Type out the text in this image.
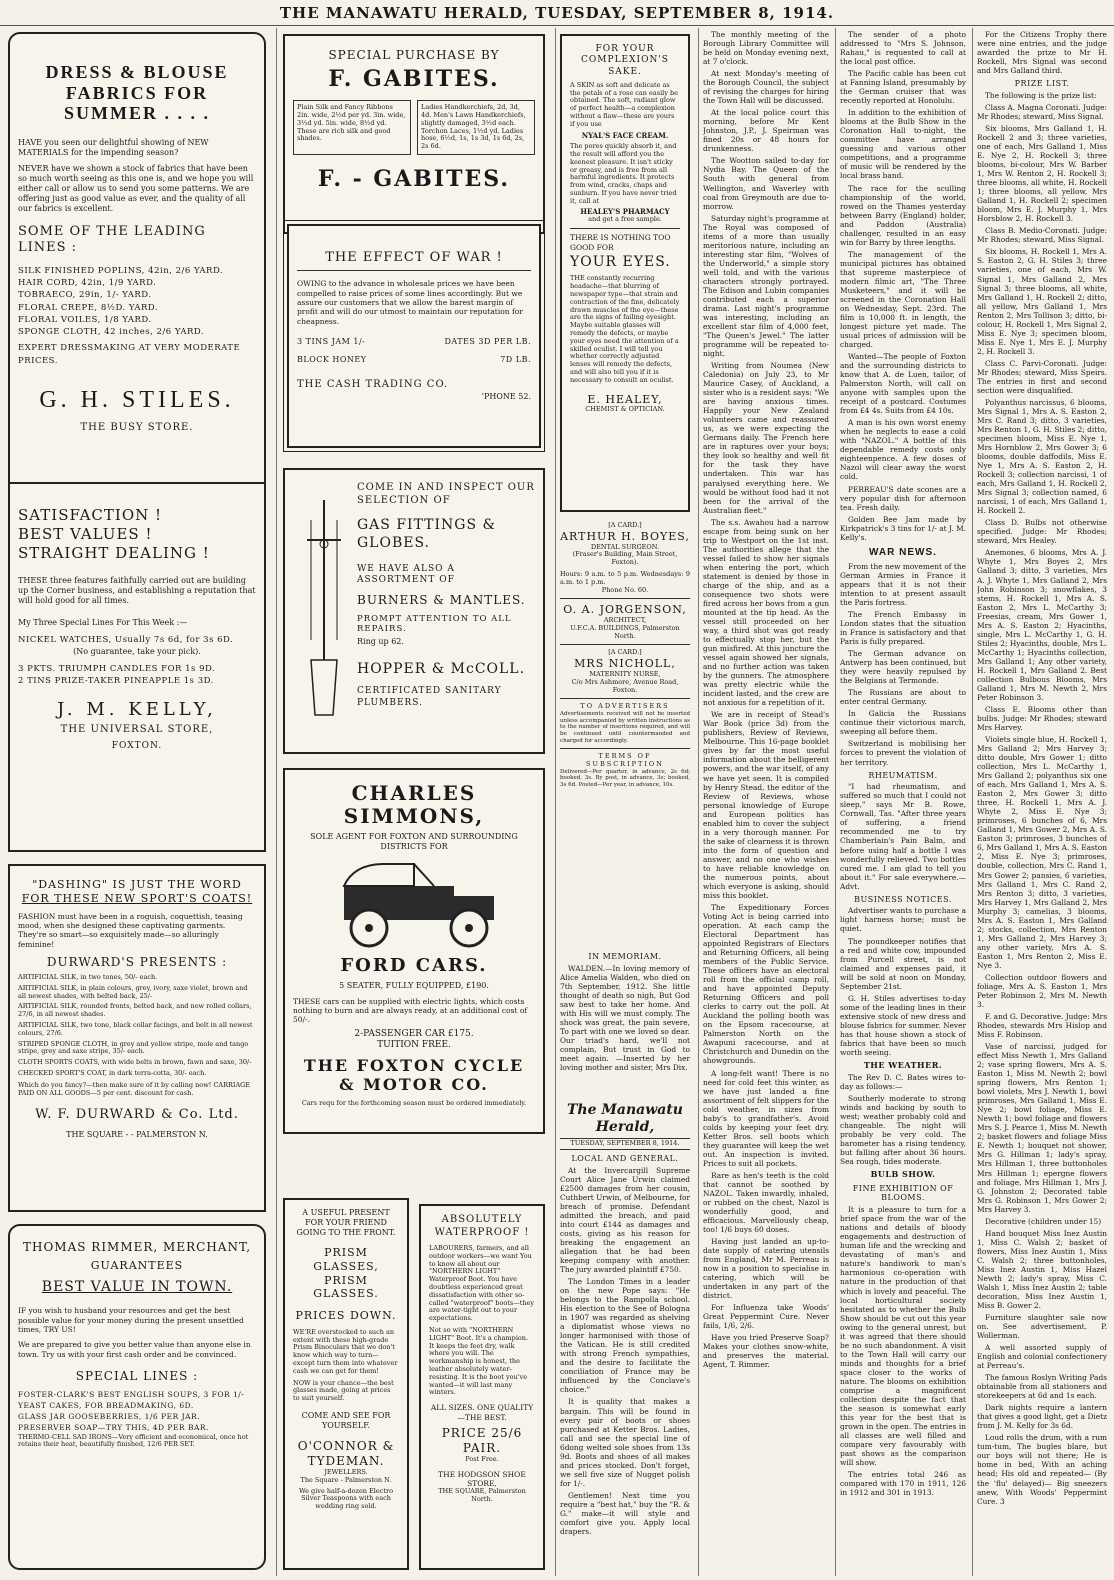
THE MANAWATU HERALD, TUESDAY, SEPTEMBER 8, 1914.
DRESS & BLOUSE FABRICS FOR SUMMER . . . .
HAVE you seen our delightful showing of NEW MATERIALS for the impending season?
NEVER have we shown a stock of fabrics that have been so much worth seeing as this one is, and we hope you will either call or allow us to send you some patterns. We are offering just as good value as ever, and the quality of all our fabrics is excellent.
SOME OF THE LEADING LINES :
SILK FINISHED POPLINS, 42in, 2/6 YARD.
HAIR CORD, 42in, 1/9 YARD.
TOBRAECO, 29in, 1/- YARD.
FLORAL CREPE, 8½D. YARD.
FLORAL VOILES, 1/8 YARD.
SPONGE CLOTH, 42 inches, 2/6 YARD.
EXPERT DRESSMAKING AT VERY MODERATE PRICES.
G. H. STILES.
THE BUSY STORE.
SATISFACTION !
BEST VALUES !
STRAIGHT DEALING !
THESE three features faithfully carried out are building up the Corner business, and establishing a reputation that will hold good for all times.
My Three Special Lines For This Week :—
NICKEL WATCHES, Usually 7s 6d, for 3s 6D.
(No guarantee, take your pick).
3 PKTS. TRIUMPH CANDLES FOR 1s 9D.
2 TINS PRIZE-TAKER PINEAPPLE 1s 3D.
J. M. KELLY,
THE UNIVERSAL STORE,
FOXTON.
"DASHING" IS JUST THE WORD
FOR THESE NEW SPORT'S COATS!
FASHION must have been in a roguish, coquettish, teasing mood, when she designed these captivating garments. They're so smart—so exquisitely made—so alluringly feminine!
DURWARD'S PRESENTS :
ARTIFICIAL SILK, in two tones, 50/- each.
ARTIFICIAL SILK, in plain colours, grey, ivory, saxe violet, brown and all newest shades, with belted back, 25/-
ARTIFICIAL SILK, rounded fronts, belted back, and new rolled collars, 27/6, in all newest shades.
ARTIFICIAL SILK, two tone, black collar facings, and belt in all newest colours, 27/6.
STRIPED SPONGE CLOTH, in grey and yellow stripe, mole and tango stripe, grey and saxe stripe, 35/- each.
CLOTH SPORTS COATS, with wide belts in brown, fawn and saxe, 30/-
CHECKED SPORT'S COAT, in dark terra-cotta, 30/- each.
Which do you fancy?—then make sure of it by calling now! CARRIAGE PAID ON ALL GOODS—5 per cent. discount for cash.
W. F. DURWARD & Co. Ltd.
THE SQUARE - - PALMERSTON N.
THOMAS RIMMER, MERCHANT,
GUARANTEES
BEST VALUE IN TOWN.
IF you wish to husband your resources and get the best possible value for your money during the present unsettled times, TRY US!
We are prepared to give you better value than anyone else in town. Try us with your first cash order and be convinced.
SPECIAL LINES :
FOSTER-CLARK'S BEST ENGLISH SOUPS, 3 FOR 1/-
YEAST CAKES, FOR BREADMAKING, 6D.
GLASS JAR GOOSEBERRIES, 1/6 PER JAR.
PRESERVER SOAP—TRY THIS, 4D PER BAR.
THERMO-CELL SAD IRONS—Very efficient and economical, once hot retains their heat, beautifully finished, 12/6 PER SET.
SPECIAL PURCHASE BY
F. GABITES.
Plain Silk and Fancy Ribbons 2in. wide, 2½d per yd. 3in. wide, 3½d yd. 5in. wide, 8½d yd. These are rich silk and good shades.
Ladies Handkerchiefs, 2d, 3d, 4d. Men's Lawn Handkerchiefs, slightly damaged, 3½d each. Torchon Laces, 1½d yd. Ladies hose, 6½d, 1s, 1s 3d, 1s 6d, 2s, 2s 6d.
F. - GABITES.
THE EFFECT OF WAR !
OWING to the advance in wholesale prices we have been compelled to raise prices of some lines accordingly. But we assure our customers that we allow the barest margin of profit and will do our utmost to maintain our reputation for cheapness.
3 TINS JAM 1/-	DATES 3D PER LB.
BLOCK HONEY	7D LB.
THE CASH TRADING CO.
'PHONE 52.
COME IN AND INSPECT OUR SELECTION OF
GAS FITTINGS & GLOBES.
WE HAVE ALSO A ASSORTMENT OF
BURNERS & MANTLES.
PROMPT ATTENTION TO ALL REPAIRS.
Ring up 62.
HOPPER & McCOLL.
CERTIFICATED SANITARY PLUMBERS.
CHARLES SIMMONS,
SOLE AGENT FOR FOXTON AND SURROUNDING DISTRICTS FOR
FORD CARS.
5 SEATER, FULLY EQUIPPED, £190.
THESE cars can be supplied with electric lights, which costs nothing to burn and are always ready, at an additional cost of 50/-.
2-PASSENGER CAR £175.
TUITION FREE.
THE FOXTON CYCLE & MOTOR CO.
Cars requ for the forthcoming season must be ordered immediately.
A USEFUL PRESENT FOR YOUR FRIEND GOING TO THE FRONT.
PRISM GLASSES, PRISM GLASSES.
PRICES DOWN.
WE'RE overstocked to such an extent with these high-grade Prism Binoculars that we don't know which way to turn—except turn them into whatever cash we can get for them!
NOW is your chance—the best glasses made, going at prices to suit yourself.
COME AND SEE FOR YOURSELF.
O'CONNOR & TYDEMAN.
JEWELLERS.
The Square - Palmerston N.
We give half-a-dozen Electro Silver Teaspoons with each wedding ring sold.
ABSOLUTELY WATERPROOF !
LABOURERS, farmers, and all outdoor workers—we want You to know all about our "NORTHERN LIGHT" Waterproof Boot. You have doubtless experienced great dissatisfaction with other so-called "waterproof" boots—they are water-tight out to your expectations.
Not so with "NORTHERN LIGHT" Boot. It's a champion. It keeps the feet dry, walk where you will. The workmanship is honest, the leather absolutely water-resisting. It is the boot you've wanted—it will last many winters.
ALL SIZES. ONE QUALITY—THE BEST.
PRICE 25/6 PAIR.
Post Free.
THE HODGSON SHOE STORE,
THE SQUARE, Palmerston North.
FOR YOUR COMPLEXION'S SAKE.
A SKIN as soft and delicate as the petals of a rose can easily be obtained. The soft, radiant glow of perfect health—a complexion without a flaw—these are yours if you use
NYAL'S FACE CREAM.
The pores quickly absorb it, and the result will afford you the keenest pleasure. It isn't sticky or greasy, and is free from all harmful ingredients. It protects from wind, cracks, chaps and sunburn. If you have never tried it, call at
HEALEY'S PHARMACY
and get a free sample.
THERE IS NOTHING TOO GOOD FOR
YOUR EYES.
THE constantly recurring headache—that blurring of newspaper type—that strain and contraction of the fine, delicately drawn muscles of the eye—these are the signs of failing eyesight. Maybe suitable glasses will remedy the defects, or maybe your eyes need the attention of a skilled oculist. I will tell you whether correctly adjusted lenses will remedy the defects, and will also tell you if it is necessary to consult an oculist.
E. HEALEY,
CHEMIST & OPTICIAN.
[A CARD.]
ARTHUR H. BOYES,
DENTAL SURGEON.
(Fraser's Building, Main Street, Foxton).
Hours: 9 a.m. to 5 p.m. Wednesdays: 9 a.m. to 1 p.m.
Phone No. 60.
O. A. JORGENSON,
ARCHITECT,
U.F.C.A. BUILDINGS, Palmerston North.
[A CARD.]
MRS NICHOLL,
MATERNITY NURSE,
C/o Mrs Ashmore, Avenue Road, Foxton.
TO ADVERTISERS
Advertisements received will not be inserted unless accompanied by written instructions as to the number of insertions required, and will be continued until countermanded and charged for accordingly.
TERMS OF SUBSCRIPTION
Delivered—Per quarter, in advance, 2s 6d; booked, 3s. By post, in advance, 3s; booked, 3s 6d. Posted—Per year, in advance, 10s.
IN MEMORIAM.

WALDEN.—In loving memory of Alice Amelia Walden, who died on 7th September, 1912. She little thought of death so nigh, But God saw best to take her home. And with His will we must comply. The shock was great, the pain severe, To part with one we loved so dear. Our triad's hard, we'll not complain, But trust in God to meet again. —Inserted by her loving mother and sister, Mrs Dix.

The Manawatu Herald,
TUESDAY, SEPTEMBER 8, 1914.
LOCAL AND GENERAL.

At the Invercargill Supreme Court Alice Jane Urwin claimed £2500 damages from her cousin, Cuthbert Urwin, of Melbourne, for breach of promise. Defendant admitted the breach, and paid into court £144 as damages and costs, giving as his reason for breaking the engagement an allegation that he had been keeping company with another. The jury awarded plaintiff £750.

The London Times in a leader on the new Pope says: "He belongs to the Rampolla school. His election to the See of Bologna in 1907 was regarded as shelving a diplomatist whose views no longer harmonised with those of the Vatican. He is still credited with strong French sympathies, and the desire to facilitate the conciliation of France may be influenced by the Conclave's choice."

It is quality that makes a bargain. This will be found in every pair of boots or shoes purchased at Ketter Bros. Ladies, call and see the special line of 6dong welted sole shoes from 13s 9d. Boots and shoes of all makes and prices stocked. Don't forget, we sell five size of Nugget polish for 1/-.

Gentlemen! Next time you require a "best hat," buy the "R. & G." make—it will style and comfort give you. Apply local drapers.

The monthly meeting of the Borough Library Committee will be held on Monday evening next, at 7 o'clock.

At next Monday's meeting of the Borough Council, the subject of revising the charges for hiring the Town Hall will be discussed.

At the local police court this morning, before Mr Kent Johnston, J.P., J. Speirman was fined 20s or 48 hours for drunkenness.

The Wootton sailed to-day for Nydia Bay. The Queen of the South with general from Wellington, and Waverley with coal from Greymouth are due to-morrow.

Saturday night's programme at The Royal was composed of items of a more than usually meritorious nature, including an interesting star film, "Wolves of the Underworld," a simple story well told, and with the various characters strongly portrayed. The Edison and Lubin companies contributed each a superior drama. Last night's programme was interesting, including an excellent star film of 4,000 feet, "The Queen's Jewel." The latter programme will be repeated to-night.

Writing from Noumea (New Caledonia) on July 23, to Mr Maurice Casey, of Auckland, a sister who is a resident says: "We are having anxious times. Happily your New Zealand volunteers came and reassured us, as we were expecting the Germans daily. The French here are in raptures over your boys; they look so healthy and well fit for the task they have undertaken. This war has paralysed everything here. We would be without food had it not been for the arrival of the Australian fleet."

The s.s. Awahou had a narrow escape from being sunk on her trip to Westport on the 1st inst. The authorities allege that the vessel failed to show her signals when entering the port, which statement is denied by those in charge of the ship, and as a consequence two shots were fired across her bows from a gun mounted at the tip head. As the vessel still proceeded on her way, a third shot was got ready to effectually stop her, but the gun misfired. At this juncture the vessel again showed her signals, and no further action was taken by the gunners. The atmosphere was pretty electric while the incident lasted, and the crew are not anxious for a repetition of it.

We are in receipt of Stead's War Book (price 3d) from the publishers, Review of Reviews, Melbourne. This 16-page booklet gives by far the most useful information about the belligerent powers, and the war itself, of any we have yet seen. It is compiled by Henry Stead, the editor of the Review of Reviews, whose personal knowledge of Europe and European politics has enabled him to cover the subject in a very thorough manner. For the sake of clearness it is thrown into the form of question and answer, and no one who wishes to have reliable knowledge on the numerous points, about which everyone is asking, should miss this booklet.

The Expeditionary Forces Voting Act is being carried into operation. At each camp the Electoral Department has appointed Registrars of Electors and Returning Officers, all being members of the Public Service. These officers have an electoral roll from the official camp roll, and have appointed Deputy Returning Officers and poll clerks to carry out the poll. At Auckland the polling booth was on the Epsom racecourse, at Palmerston North on the Awapuni racecourse, and at Christchurch and Dunedin on the showgrounds.

A long-felt want! There is no need for cold feet this winter, as we have just landed a fine assortment of felt slippers for the cold weather, in sizes from baby's to grandfather's. Avoid colds by keeping your feet dry. Ketter Bros. sell boots which they guarantee will keep the wet out. An inspection is invited. Prices to suit all pockets.

Rare as hen's teeth is the cold that cannot be soothed by NAZOL. Taken inwardly, inhaled, or rubbed on the chest, Nazol is wonderfully good, and efficacious. Marvellously cheap, too! 1/6 buys 60 doses.

Having just landed an up-to-date supply of catering utensils from England, Mr M. Perreau is now in a position to specialise in catering, which will be undertaken in any part of the district.

For Influenza take Woods' Great Peppermint Cure. Never fails, 1/6, 2/6.

Have you tried Preserve Soap? Makes your clothes snow-white, and preserves the material. Agent, T. Rimmer.

The sender of a photo addressed to "Mrs S. Johnson, Rahau," is requested to call at the local post office.

The Pacific cable has been cut at Fanning Island, presumably by the German cruiser that was recently reported at Honolulu.

In addition to the exhibition of blooms at the Bulb Show in the Coronation Hall to-night, the committee have arranged guessing and various other competitions, and a programme of music will be rendered by the local brass band.

The race for the sculling championship of the world, rowed on the Thames yesterday between Barry (England) holder, and Paddon (Australia) challenger, resulted in an easy win for Barry by three lengths.

The management of the municipal pictures has obtained that supreme masterpiece of modern filmic art, "The Three Musketeers," and it will be screened in the Coronation Hall on Wednesday, Sept. 23rd. The film is 10,000 ft. in length, the longest picture yet made. The usual prices of admission will be charged.

Wanted—The people of Foxton and the surrounding districts to know that A. de Luen, tailor, of Palmerston North, will call on anyone with samples upon the receipt of a postcard. Costumes from £4 4s. Suits from £4 10s.

A man is his own worst enemy when he neglects to ease a cold with "NAZOL." A bottle of this dependable remedy costs only eighteenpence. A few doses of Nazol will clear away the worst cold.

PERREAU'S date scones are a very popular dish for afternoon tea. Fresh daily.

Golden Bee Jam made by Kirkpatrick's 3 tins for 1/- at J. M. Kelly's.

WAR NEWS.

From the new movement of the German Armies in France it appears that it is not their intention to at present assault the Paris fortress.

The French Embassy in London states that the situation in France is satisfactory and that Paris is fully prepared.

The German advance on Antwerp has been continued, but they were heavily repulsed by the Belgians at Termonde.

The Russians are about to enter central Germany.

In Galicia the Russians continue their victorious march, sweeping all before them.

Switzerland is mobilising her forces to prevent the violation of her territory.

RHEUMATISM.

"I had rheumatism, and suffered so much that I could not sleep," says Mr B. Rowe, Cornwall, Tas. "After three years of suffering, a friend recommended me to try Chamberlain's Pain Balm, and before using half a bottle I was wonderfully relieved. Two bottles cured me. I am glad to tell you about it." For sale everywhere.—Advt.

BUSINESS NOTICES.

Advertiser wants to purchase a light harness horse; must be quiet.

The poundkeeper notifies that a red and white cow, impounded from Purcell street, is not claimed and expenses paid, it will be sold at noon on Monday, September 21st.

G. H. Stiles advertises to-day some of the leading lines in their extensive stock of new dress and blouse fabrics for summer. Never has that house shown a stock of fabrics that have been so much worth seeing.

THE WEATHER.

The Rev D. C. Bates wires to-day as follows:—

Southerly moderate to strong winds and backing by south to west; weather probably cold and changeable. The night will probably be very cold. The barometer has a rising tendency, but falling after about 36 hours. Sea rough, tides moderate.

BULB SHOW.
FINE EXHIBITION OF BLOOMS.

It is a pleasure to turn for a brief space from the war of the nations and details of bloody engagements and destruction of human life and the wrecking and devastating of man's and nature's handiwork to man's harmonious co-operation with nature in the production of that which is lovely and peaceful. The local horticultural society hesitated as to whether the Bulb Show should be cut out this year owing to the general unrest, but it was agreed that there should be no such abandonment. A visit to the Town Hall will carry our minds and thoughts for a brief space closer to the works of nature. The blooms on exhibition comprise a magnificent collection despite the fact that the season is somewhat early this year for the best that is grown in the open. The entries in all classes are well filled and compare very favourably with past shows as the comparison will show.

The entries total 246 as compared with 170 in 1911, 126 in 1912 and 301 in 1913.

For the Citizens Trophy there were nine entries, and the judge awarded the prize to Mr H. Rockell, Mrs Signal was second and Mrs Galland third.

PRIZE LIST.

The following is the prize list:

Class A. Magna Coronati. Judge: Mr Rhodes; steward, Miss Signal.

Six blooms, Mrs Galland 1, H. Rockell 2 and 3; three varieties, one of each, Mrs Galland 1, Miss E. Nye 2, H. Rockell 3; three blooms, bi-colour, Mrs W. Barber 1, Mrs W. Renton 2, H. Rockell 3; three blooms, all white, H. Rockell 1; three blooms, all yellow, Mrs Galland 1, H. Rockell 2; specimen bloom, Mrs E. J. Murphy 1, Mrs Horsblow 2, H. Rockell 3.

Class B. Medio-Coronati. Judge: Mr Rhodes; steward, Miss Signal.

Six blooms, H. Rockell 1, Mrs A. S. Easton 2, G. H. Stiles 3; three varieties, one of each, Mrs W. Signal 1, Mrs Galland 2, Mrs Signal 3; three blooms, all white, Mrs Galland 1, H. Rockell 2; ditto, all yellow, Mrs Galland 1, Mrs Renton 2, Mrs Tollison 3; ditto, bi-colour, H. Rockell 1, Mrs Signal 2, Miss E. Nye 3; specimen bloom, Miss E. Nye 1, Mrs E. J. Murphy 2, H. Rockell 3.

Class C. Parvi-Coronati. Judge: Mr Rhodes; steward, Miss Speirs. The entries in first and second section were disqualified.

Polyanthus narcissus, 6 blooms, Mrs Signal 1, Mrs A. S. Easton 2, Mrs C. Rand 3; ditto, 3 varieties, Mrs Renton 1, G. H. Stiles 2; ditto, specimen bloom, Miss E. Nye 1, Mrs Hornblow 2, Mrs Gower 3; 6 blooms, double daffodils, Miss E. Nye 1, Mrs A. S. Easton 2, H. Rockell 3; collection narcissi, 1 of each, Mrs Galland 1, H. Rockell 2, Mrs Signal 3; collection named, 6 narcissi, 1 of each, Mrs Galland 1, H. Rockell 2.

Class D. Bulbs not otherwise specified. Judge: Mr Rhodes; steward, Mrs Healey.

Anemones, 6 blooms, Mrs A. J. Whyte 1, Mrs Boyes 2, Mrs Galland 3; ditto, 3 varieties, Mrs A. J. Whyte 1, Mrs Galland 2, Mrs John Robinson 3; snowflakes, 3 stems, H. Rockell 1, Mrs A. S. Easton 2, Mrs L. McCarthy 3; Freesias, cream, Mrs Gower 1, Mrs A. S. Easton 2; Hyacinths, single, Mrs L. McCarthy 1, G. H. Stiles 2; Hyacinths, double, Mrs L. McCarthy 1; Hyacinths collection, Mrs Galland 1; Any other variety, H. Rockell 1, Mrs Galland 2. Best collection Bulbous Blooms, Mrs Galland 1, Mrs M. Newth 2, Mrs Peter Robinson 3.

Class E. Blooms other than bulbs. Judge: Mr Rhodes; steward Mrs Harvey.

Violets single blue, H. Rockell 1, Mrs Galland 2; Mrs Harvey 3; ditto double, Mrs Gower 1; ditto collection, Mrs L. McCarthy 1, Mrs Galland 2; polyanthus six one of each, Mrs Galland 1, Mrs A. S. Easton 2, Mrs Gower 3; ditto three, H. Rockell 1, Mrs A. J. Whyte 2, Miss E. Nye 3; primroses, 6 bunches of 6, Mrs Galland 1, Mrs Gower 2, Mrs A. S. Easton 3; primroses, 3 bunches of 6, Mrs Galland 1, Mrs A. S. Easton 2, Miss E. Nye 3; primroses, double, collection, Mrs C. Rand 1, Mrs Gower 2; pansies, 6 varieties, Mrs Galland 1, Mrs C. Rand 2, Mrs Renton 3; ditto, 3 varieties, Mrs Harvey 1, Mrs Galland 2, Mrs Murphy 3; camelias, 3 blooms, Mrs A. S. Easton 1, Mrs Galland 2; stocks, collection, Mrs Renton 1, Mrs Galland 2, Mrs Harvey 3; any other variety, Mrs A. S. Easton 1, Mrs Renton 2, Miss E. Nye 3.

Collection outdoor flowers and foliage, Mrs A. S. Easton 1, Mrs Peter Robinson 2, Mrs M. Newth 3.

F. and G. Decorative. Judge: Mrs Rhodes, stewards Mrs Hislop and Miss F. Robinson.

Vase of narcissi, judged for effect Miss Newth 1, Mrs Galland 2; vase spring flowers, Mrs A. S. Easton 1, Miss M. Newth 2; bowl spring flowers, Mrs Renton 1; bowl violets, Mrs J. Newth 1, bowl primroses, Mrs Galland 1, Miss E. Nye 2; bowl foliage, Miss E. Newth 1; bowl foliage and flowers Mrs S. J. Pearce 1, Miss M. Newth 2; basket flowers and foliage Miss E. Newth 1; bouquet not shower, Mrs G. Hillman 1; lady's spray, Mrs Hillman 1, three buttonholes Mrs Hillman 1; epergne flowers and foliage, Mrs Hillman 1, Mrs J. G. Johnston 2; Decorated table Mrs G. Robinson 1, Mrs Gower 2; Mrs Harvey 3.

Decorative (children under 15)

Hand bouquet Miss Inez Austin 1, Miss C. Walsh 2; basket of flowers, Miss Inez Austin 1, Miss C. Walsh 2; three buttonholes, Miss Inez Austin 1, Miss Hazel Newth 2; lady's spray, Miss C. Walsh 1, Miss Inez Austin 2; table decoration, Miss Inez Austin 1, Miss B. Gower 2.

Furniture slaughter sale now on. See advertisement. P. Wollerman.

A well assorted supply of English and colonial confectionery at Perreau's.

The famous Roslyn Writing Pads obtainable from all stationers and storekeepers at 6d and 1s each.

Dark nights require a lantern that gives a good light, get a Dietz from J. M. Kelly for 3s 6d.

Loud rolls the drum, with a rum tum-tum, The bugles blare, but our boys will not there; He is home in bed, With an aching head; His old and repeated— (By the 'flu' delayed)— Big sneezers anew, With Woods' Peppermint Cure. 3
